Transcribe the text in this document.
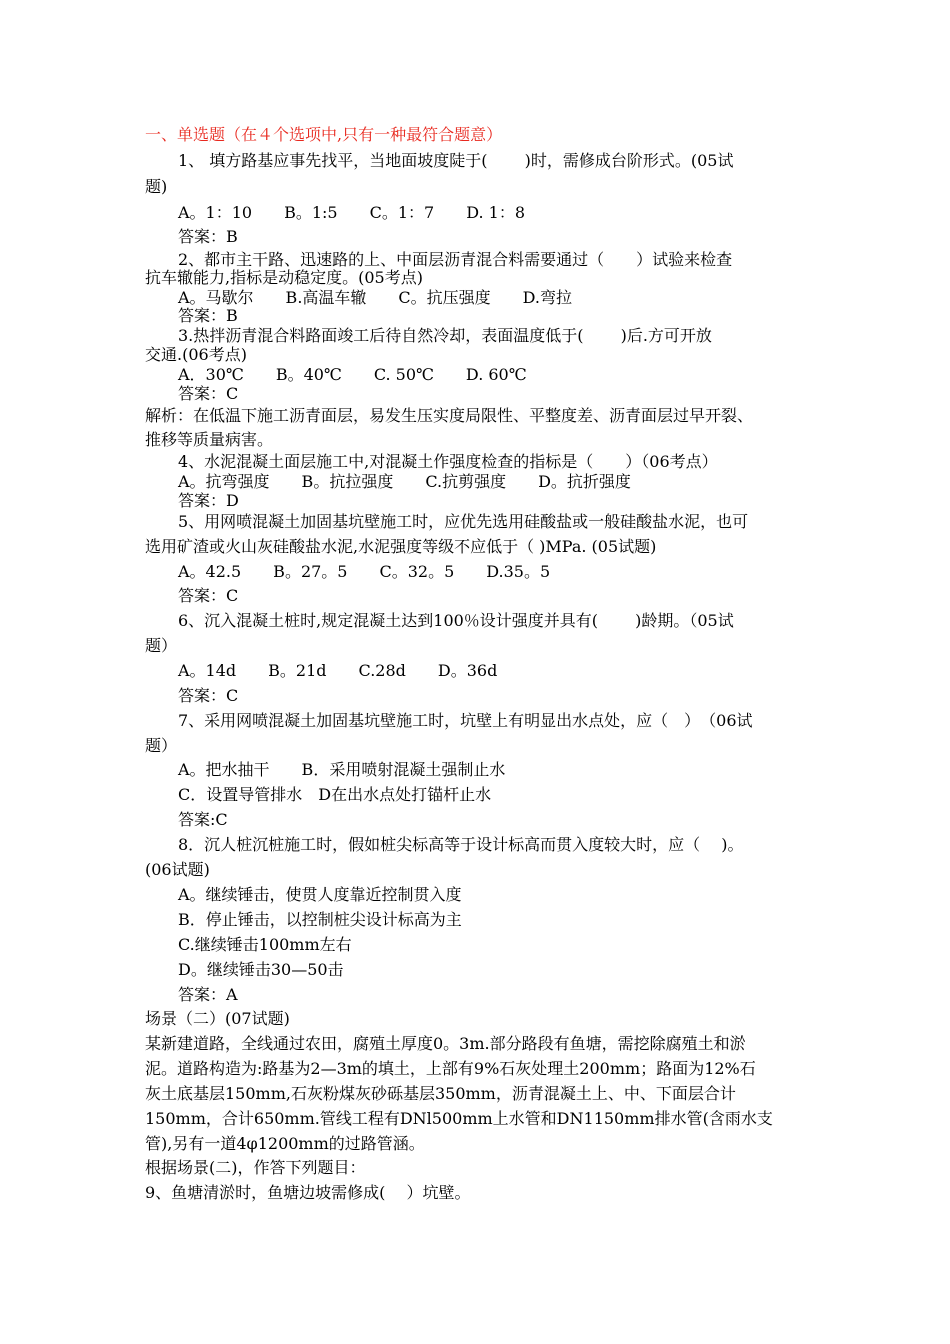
一、单选题（在４个选项中,只有一种最符合题意）
1、 填方路基应事先找平，当地面坡度陡于(　　 )时，需修成台阶形式。(05试
题)
A。1：10　　B。1:5　　C。1：7　　D. 1：8
答案：B
2、都市主干路、迅速路的上、中面层沥青混合料需要通过（　　）试验来检查
抗车辙能力,指标是动稳定度。(05考点)
A。马歇尔　　B.高温车辙　　C。抗压强度　　D.弯拉
答案：B
3.热拌沥青混合料路面竣工后待自然冷却，表面温度低于(　　 )后.方可开放
交通.(06考点)
A．30℃　　B。40℃　　C. 50℃　　D. 60℃
答案：C
解析：在低温下施工沥青面层，易发生压实度局限性、平整度差、沥青面层过早开裂、
推移等质量病害。
4、水泥混凝土面层施工中,对混凝土作强度检查的指标是（　　）（06考点）
A。抗弯强度　　B。抗拉强度　　C.抗剪强度　　D。抗折强度
答案：D
5、用网喷混凝土加固基坑壁施工时，应优先选用硅酸盐或一般硅酸盐水泥，也可
选用矿渣或火山灰硅酸盐水泥,水泥强度等级不应低于（ )MPa. (05试题)
A。42.5　　B。27。5　　C。32。5　　D.35。5
答案：C
6、沉入混凝土桩时,规定混凝土达到100％设计强度并具有(　　 )龄期。（05试
题）
A。14d　　B。21d　　C.28d　　D。36d
答案：C
7、采用网喷混凝土加固基坑壁施工时，坑壁上有明显出水点处，应（　）　（06试
题）
A。把水抽干　　B．采用喷射混凝土强制止水
C．设置导管排水　D在出水点处打锚杆止水
答案:C
8．沉人桩沉桩施工时，假如桩尖标高等于设计标高而贯入度较大时，应（　 )。
(06试题)
A。继续锤击，使贯人度靠近控制贯入度
B．停止锤击，以控制桩尖设计标高为主
C.继续锤击100mm左右
D。继续锤击30—50击
答案：A
场景（二）(07试题)
某新建道路，全线通过农田，腐殖土厚度0。3m.部分路段有鱼塘，需挖除腐殖土和淤
泥。道路构造为:路基为2—3m的填土，上部有9%石灰处理土200mm；路面为12%石
灰土底基层150mm,石灰粉煤灰砂砾基层350mm，沥青混凝土上、中、下面层合计
150mm，合计650mm.管线工程有DNl500mm上水管和DN1150mm排水管(含雨水支
管),另有一道4φ1200mm的过路管涵。
根据场景(二)，作答下列题目：
9、鱼塘清淤时，鱼塘边坡需修成(　 ）坑壁。
